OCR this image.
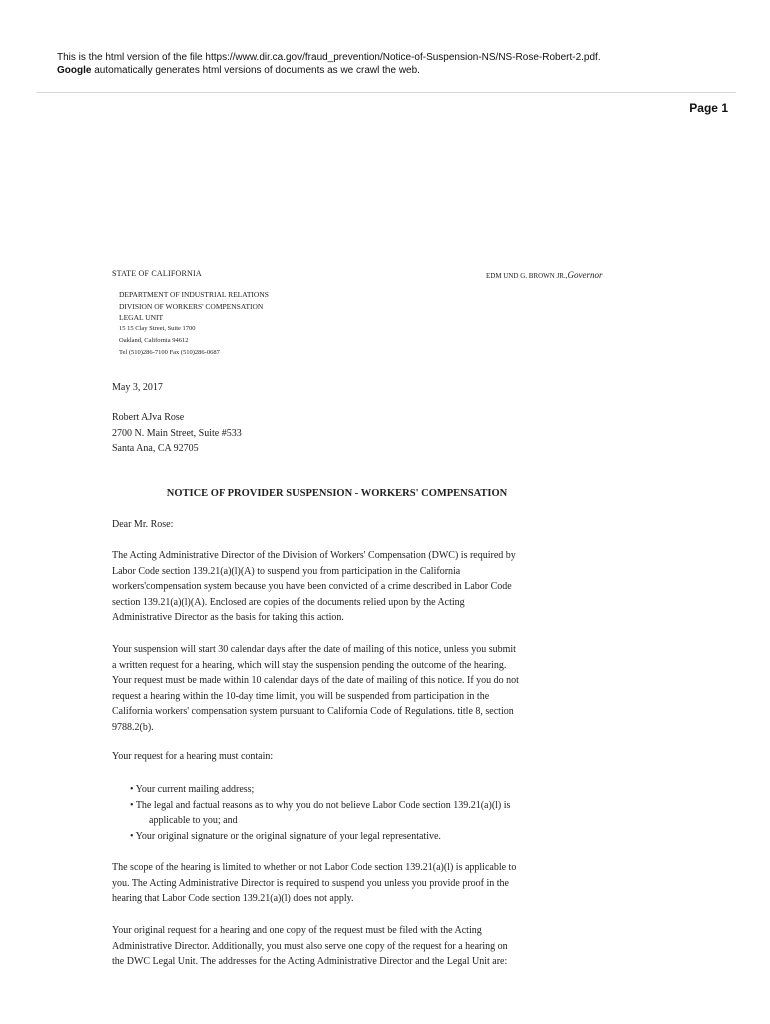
This is the html version of the file https://www.dir.ca.gov/fraud_prevention/Notice-of-Suspension-NS/NS-Rose-Robert-2.pdf.
Google automatically generates html versions of documents as we crawl the web.
Page 1
STATE OF CALIFORNIA	EDM UND G. BROWN JR.,Governor
DEPARTMENT OF INDUSTRIAL RELATIONS
DIVISION OF WORKERS' COMPENSATION
LEGAL UNIT
15 15 Clay Street, Suite 1700
Oakland, California 94612
Tel (510)286-7100 Fax (510)286-0687
May 3, 2017
Robert AJva Rose
2700 N. Main Street, Suite #533
Santa Ana, CA 92705
NOTICE OF PROVIDER SUSPENSION - WORKERS' COMPENSATION
Dear Mr. Rose:
The Acting Administrative Director of the Division of Workers' Compensation (DWC) is required by
Labor Code section 139.21(a)(l)(A) to suspend you from participation in the California
workers'compensation system because you have been convicted of a crime described in Labor Code
section 139.21(a)(l)(A). Enclosed are copies of the documents relied upon by the Acting
Administrative Director as the basis for taking this action.
Your suspension will start 30 calendar days after the date of mailing of this notice, unless you submit
a written request for a hearing, which will stay the suspension pending the outcome of the hearing.
Your request must be made within 10 calendar days of the date of mailing of this notice. If you do not
request a hearing within the 10-day time limit, you will be suspended from participation in the
California workers' compensation system pursuant to California Code of Regulations. title 8, section
9788.2(b).
Your request for a hearing must contain:
• Your current mailing address;
• The legal and factual reasons as to why you do not believe Labor Code section 139.21(a)(l) is
applicable to you; and
• Your original signature or the original signature of your legal representative.
The scope of the hearing is limited to whether or not Labor Code section 139.21(a)(l) is applicable to
you. The Acting Administrative Director is required to suspend you unless you provide proof in the
hearing that Labor Code section 139.21(a)(l) does not apply.
Your original request for a hearing and one copy of the request must be filed with the Acting
Administrative Director. Additionally, you must also serve one copy of the request for a hearing on
the DWC Legal Unit. The addresses for the Acting Administrative Director and the Legal Unit are:
